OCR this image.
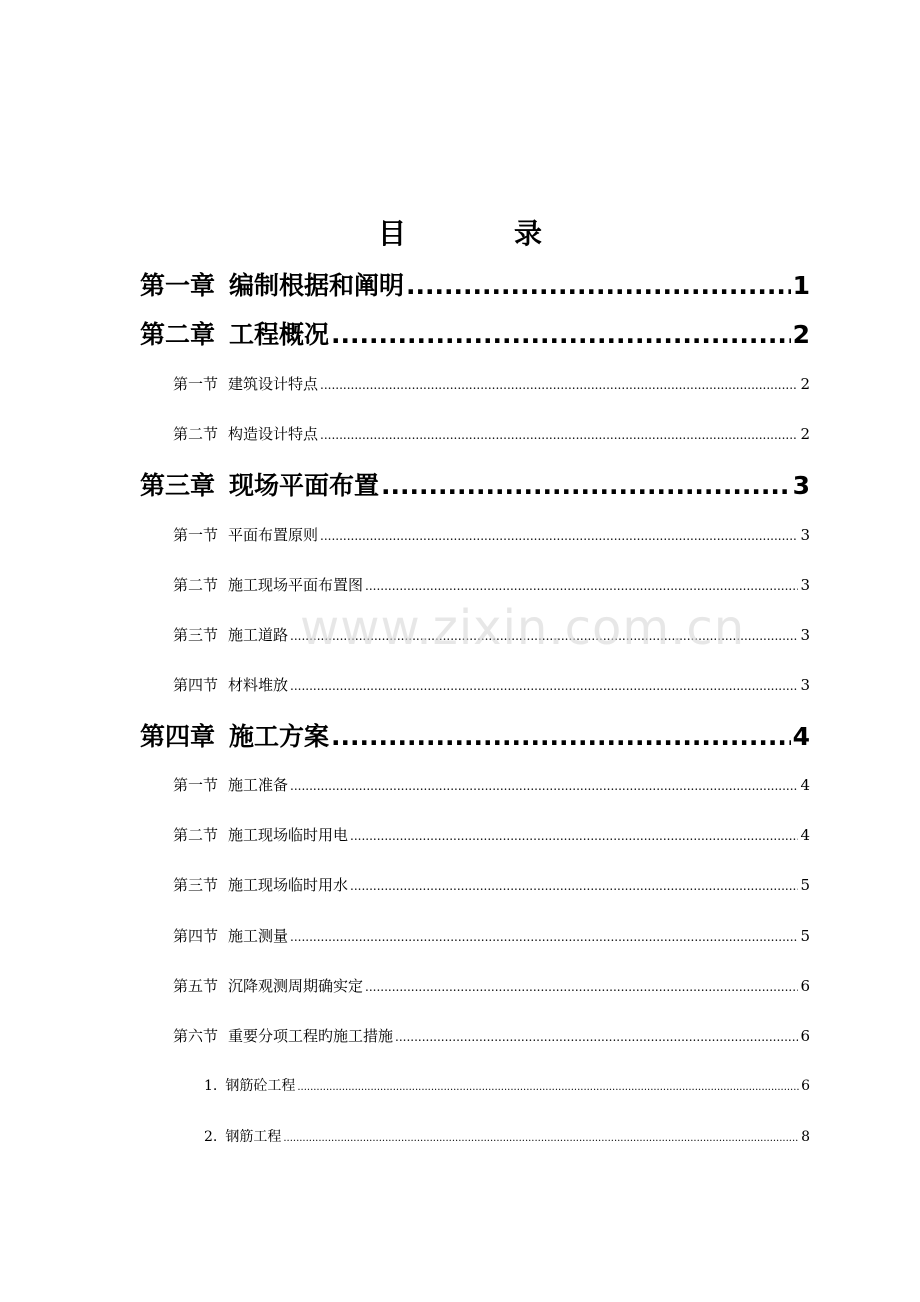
目	录
第一章 编制根据和阐明 .....	1
第二章 工程概况 .....	2
第一节 建筑设计特点 .....	2
第二节 构造设计特点 .....	2
第三章 现场平面布置 .....	3
第一节 平面布置原则 .....	3
第二节 施工现场平面布置图 .....	3
第三节 施工道路 .....	3
第四节 材料堆放 .....	3
第四章 施工方案 .....	4
第一节 施工准备 .....	4
第二节 施工现场临时用电 .....	4
第三节 施工现场临时用水 .....	5
第四节 施工测量 .....	5
第五节 沉降观测周期确实定 .....	6
第六节 重要分项工程旳施工措施 .....	6
1. 钢筋砼工程 .....	6
2. 钢筋工程 .....	8
www.zixin.com.cn
